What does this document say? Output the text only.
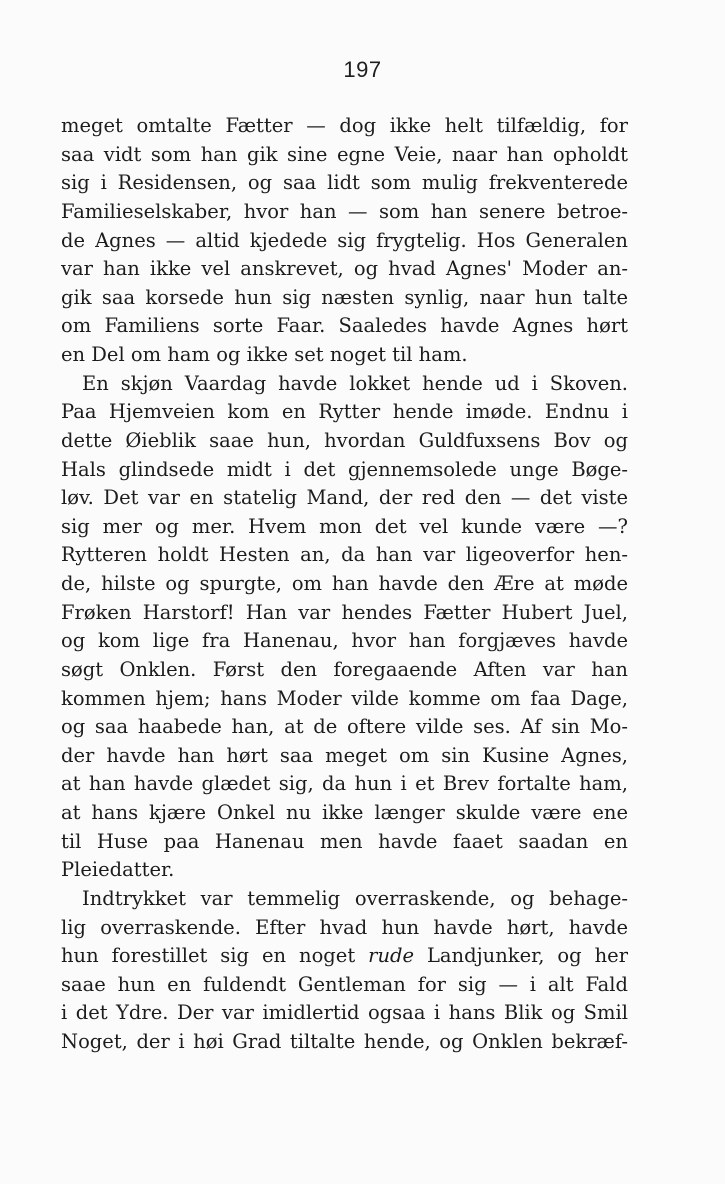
197
meget omtalte Fætter — dog ikke helt tilfældig, for
saa vidt som han gik sine egne Veie, naar han opholdt
sig i Residensen, og saa lidt som mulig frekventerede
Familieselskaber, hvor han — som han senere betroe-
de Agnes — altid kjedede sig frygtelig. Hos Generalen
var han ikke vel anskrevet, og hvad Agnes' Moder an-
gik saa korsede hun sig næsten synlig, naar hun talte
om Familiens sorte Faar. Saaledes havde Agnes hørt
en Del om ham og ikke set noget til ham.
En skjøn Vaardag havde lokket hende ud i Skoven.
Paa Hjemveien kom en Rytter hende imøde. Endnu i
dette Øieblik saae hun, hvordan Guldfuxsens Bov og
Hals glindsede midt i det gjennemsolede unge Bøge-
løv. Det var en statelig Mand, der red den — det viste
sig mer og mer. Hvem mon det vel kunde være —?
Rytteren holdt Hesten an, da han var ligeoverfor hen-
de, hilste og spurgte, om han havde den Ære at møde
Frøken Harstorf! Han var hendes Fætter Hubert Juel,
og kom lige fra Hanenau, hvor han forgjæves havde
søgt Onklen. Først den foregaaende Aften var han
kommen hjem; hans Moder vilde komme om faa Dage,
og saa haabede han, at de oftere vilde ses. Af sin Mo-
der havde han hørt saa meget om sin Kusine Agnes,
at han havde glædet sig, da hun i et Brev fortalte ham,
at hans kjære Onkel nu ikke længer skulde være ene
til Huse paa Hanenau men havde faaet saadan en
Pleiedatter.
Indtrykket var temmelig overraskende, og behage-
lig overraskende. Efter hvad hun havde hørt, havde
hun forestillet sig en noget rude Landjunker, og her
saae hun en fuldendt Gentleman for sig — i alt Fald
i det Ydre. Der var imidlertid ogsaa i hans Blik og Smil
Noget, der i høi Grad tiltalte hende, og Onklen bekræf-
